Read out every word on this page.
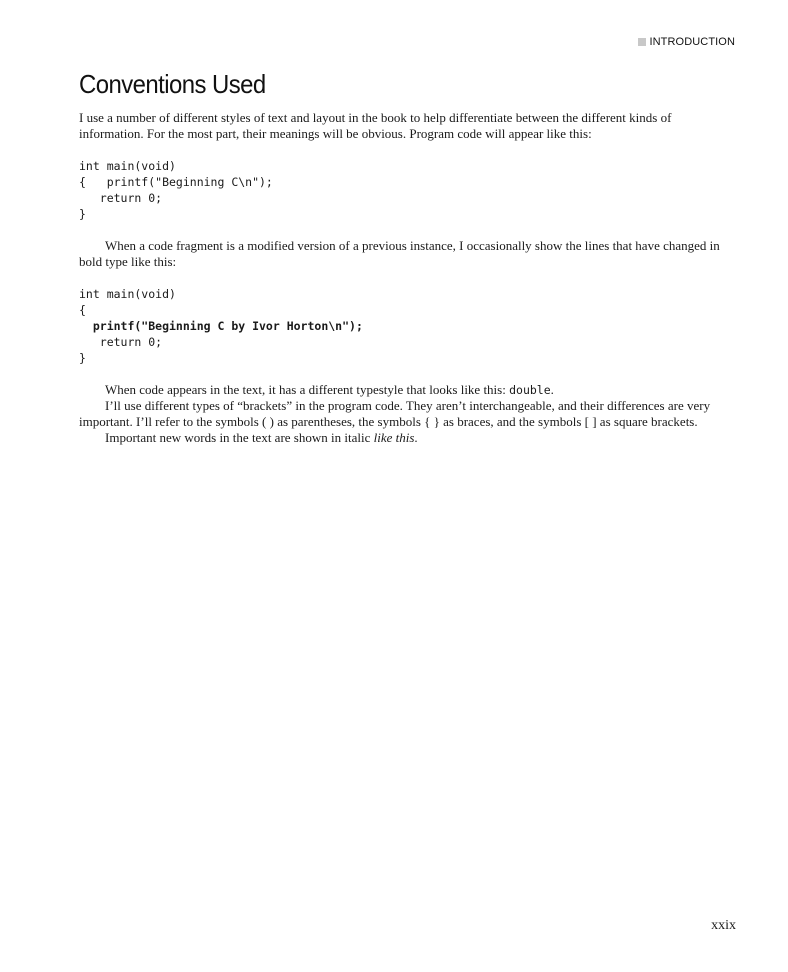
INTRODUCTION
Conventions Used

I use a number of different styles of text and layout in the book to help differentiate between the different kinds of information. For the most part, their meanings will be obvious. Program code will appear like this:

int main(void)
{   printf("Beginning C\n");
return 0;
}

When a code fragment is a modified version of a previous instance, I occasionally show the lines that have changed in bold type like this:

int main(void)
{
printf("Beginning C by Ivor Horton\n");
return 0;
}

When code appears in the text, it has a different typestyle that looks like this: double.

I’ll use different types of “brackets” in the program code. They aren’t interchangeable, and their differences are very important. I’ll refer to the symbols ( ) as parentheses, the symbols { } as braces, and the symbols [ ] as square brackets.

Important new words in the text are shown in italic like this.

xxix
